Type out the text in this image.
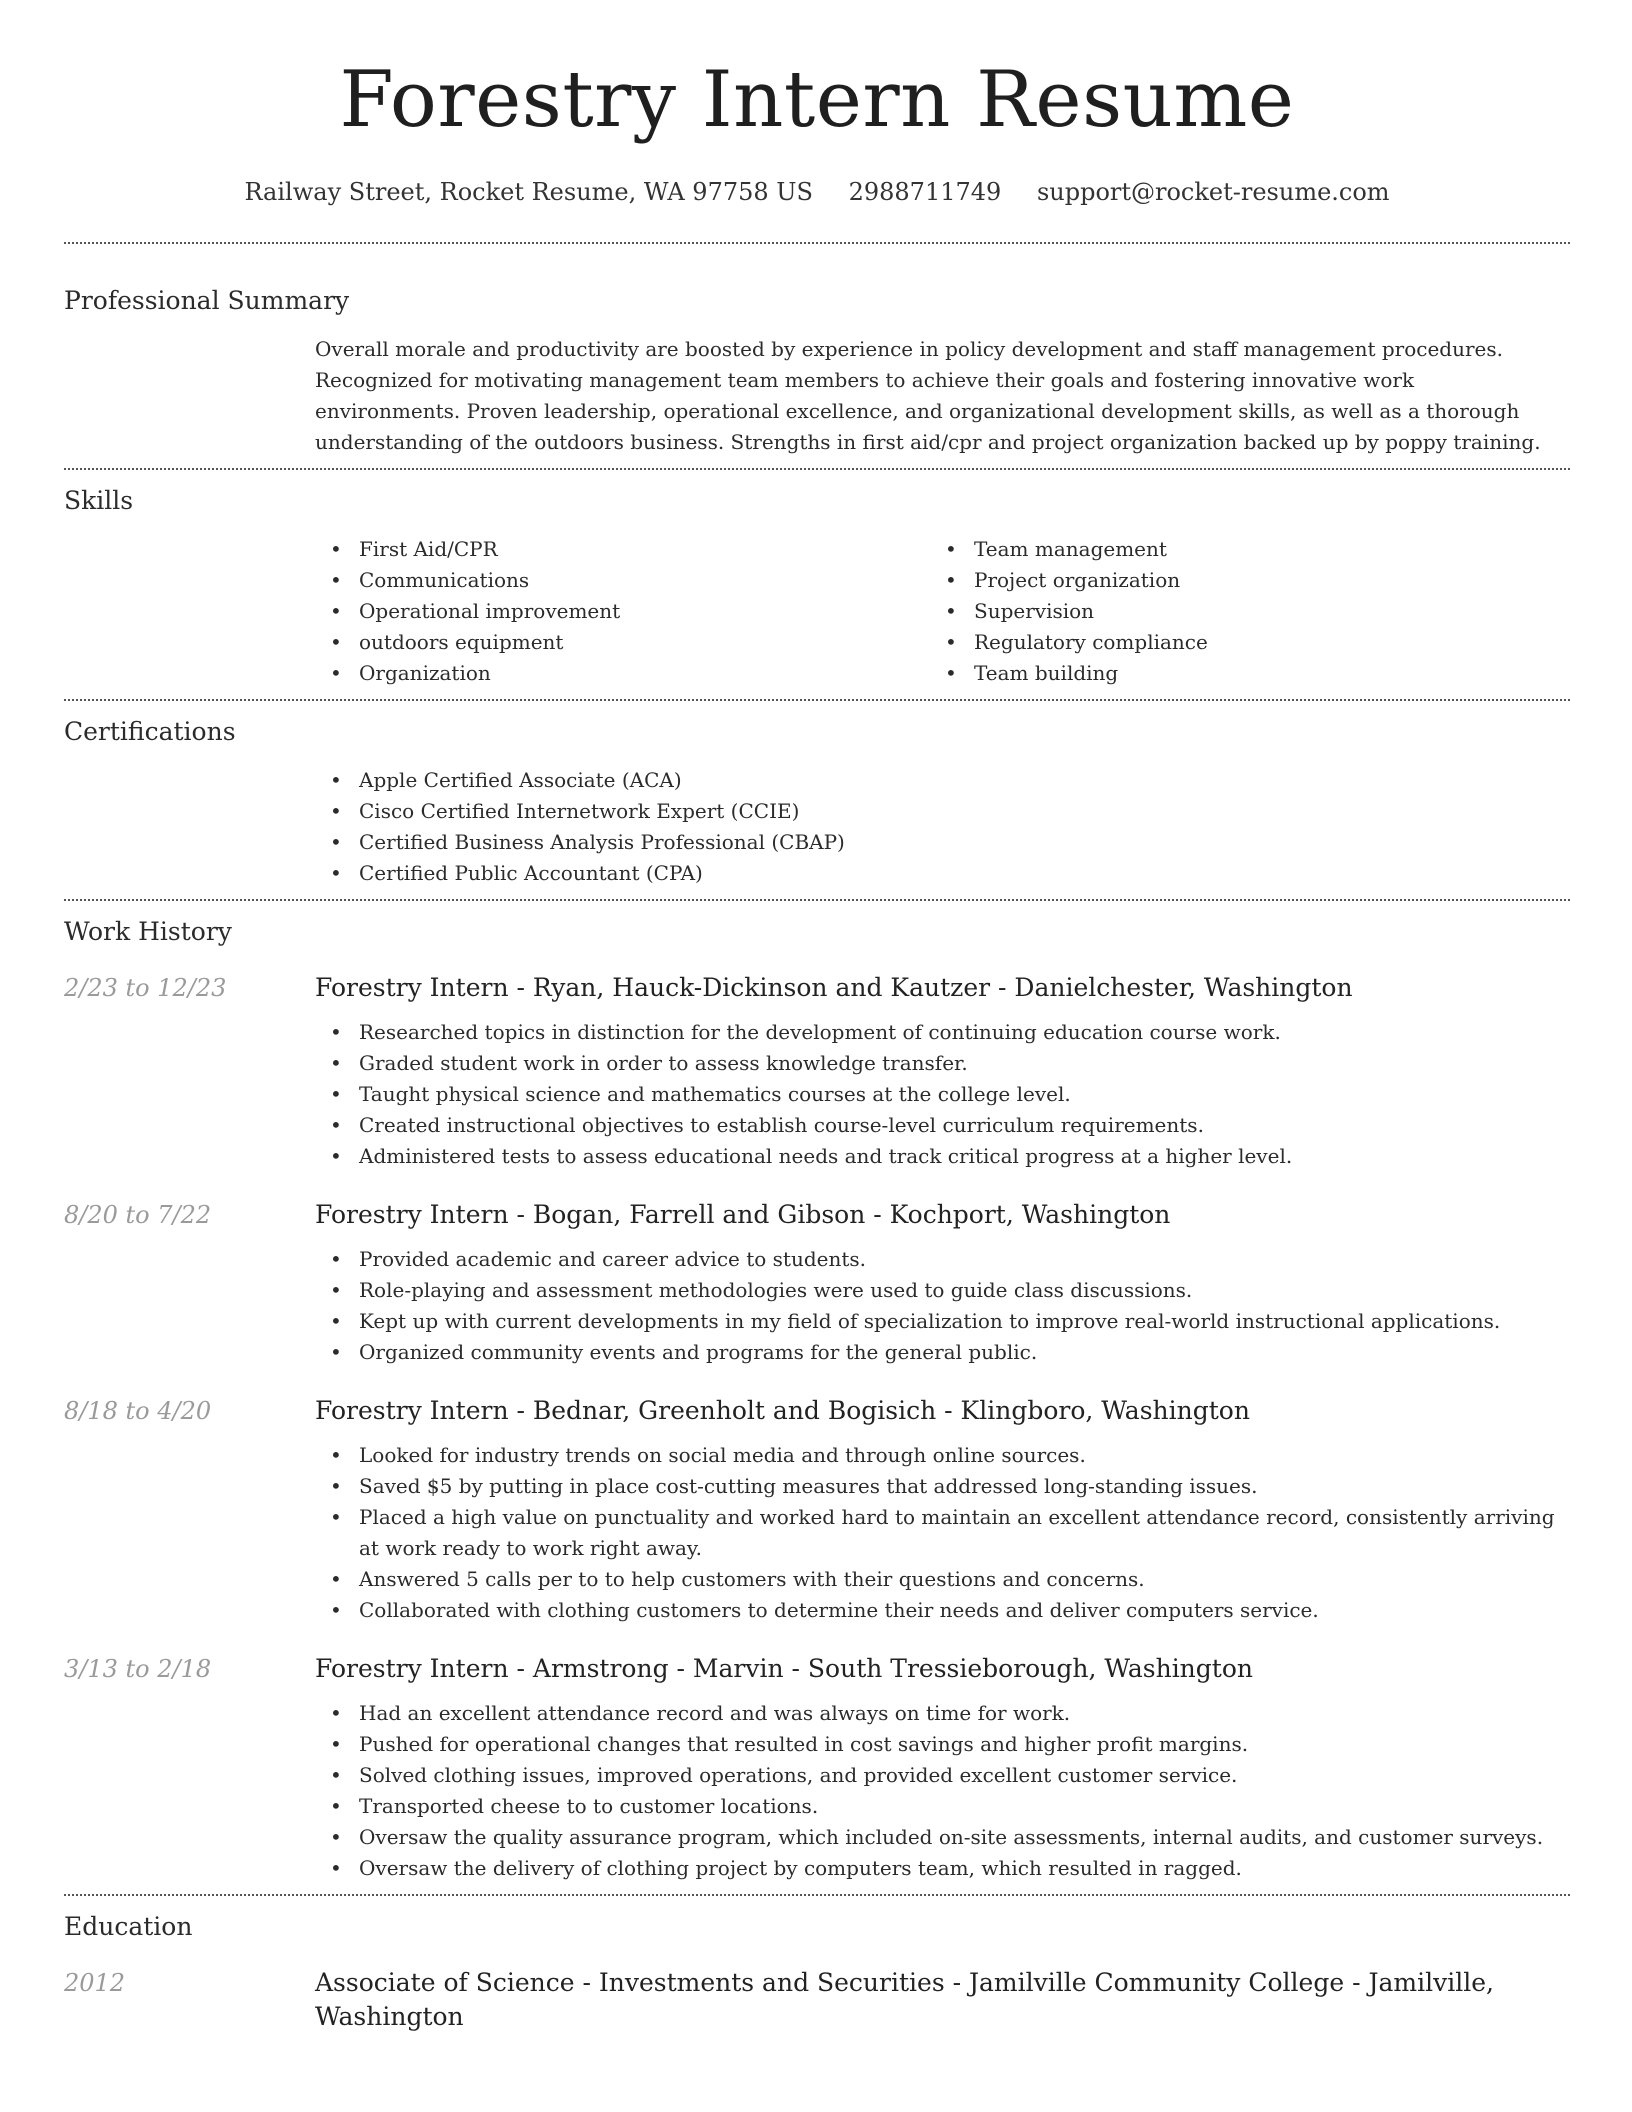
Forestry Intern Resume
Railway Street, Rocket Resume, WA 97758 US 2988711749 support@rocket-resume.com
Professional Summary
Overall morale and productivity are boosted by experience in policy development and staff management procedures. Recognized for motivating management team members to achieve their goals and fostering innovative work environments. Proven leadership, operational excellence, and organizational development skills, as well as a thorough understanding of the outdoors business. Strengths in first aid/cpr and project organization backed up by poppy training.
Skills
• First Aid/CPR
• Communications
• Operational improvement
• outdoors equipment
• Organization
• Team management
• Project organization
• Supervision
• Regulatory compliance
• Team building
Certifications
• Apple Certified Associate (ACA)
• Cisco Certified Internetwork Expert (CCIE)
• Certified Business Analysis Professional (CBAP)
• Certified Public Accountant (CPA)
Work History
2/23 to 12/23	Forestry Intern - Ryan, Hauck-Dickinson and Kautzer - Danielchester, Washington
• Researched topics in distinction for the development of continuing education course work.
• Graded student work in order to assess knowledge transfer.
• Taught physical science and mathematics courses at the college level.
• Created instructional objectives to establish course-level curriculum requirements.
• Administered tests to assess educational needs and track critical progress at a higher level.
8/20 to 7/22	Forestry Intern - Bogan, Farrell and Gibson - Kochport, Washington
• Provided academic and career advice to students.
• Role-playing and assessment methodologies were used to guide class discussions.
• Kept up with current developments in my field of specialization to improve real-world instructional applications.
• Organized community events and programs for the general public.
8/18 to 4/20	Forestry Intern - Bednar, Greenholt and Bogisich - Klingboro, Washington
• Looked for industry trends on social media and through online sources.
• Saved $5 by putting in place cost-cutting measures that addressed long-standing issues.
• Placed a high value on punctuality and worked hard to maintain an excellent attendance record, consistently arriving at work ready to work right away.
• Answered 5 calls per to to help customers with their questions and concerns.
• Collaborated with clothing customers to determine their needs and deliver computers service.
3/13 to 2/18	Forestry Intern - Armstrong - Marvin - South Tressieborough, Washington
• Had an excellent attendance record and was always on time for work.
• Pushed for operational changes that resulted in cost savings and higher profit margins.
• Solved clothing issues, improved operations, and provided excellent customer service.
• Transported cheese to to customer locations.
• Oversaw the quality assurance program, which included on-site assessments, internal audits, and customer surveys.
• Oversaw the delivery of clothing project by computers team, which resulted in ragged.
Education
2012	Associate of Science - Investments and Securities - Jamilville Community College - Jamilville, Washington
